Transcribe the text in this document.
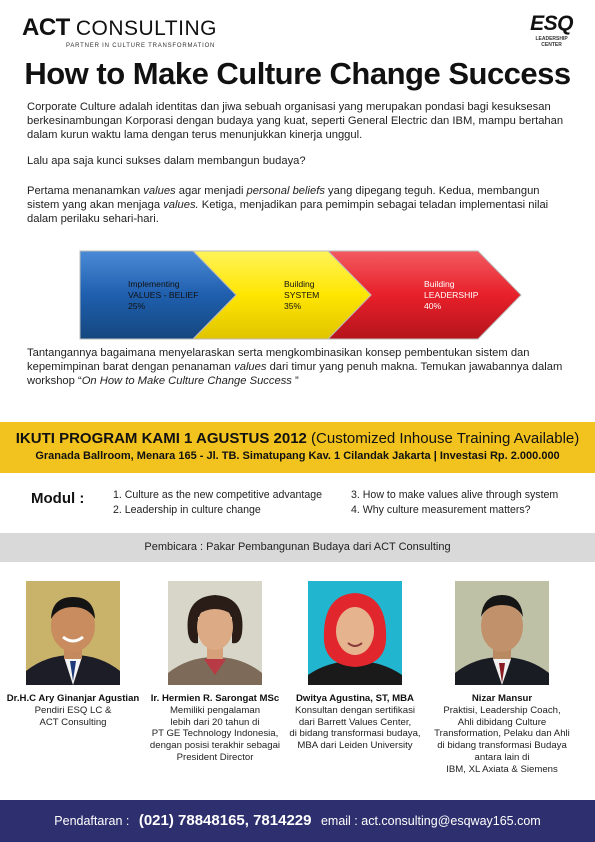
ACT CONSULTING
PARTNER IN CULTURE TRANSFORMATION
ESQ
LEADERSHIP
CENTER
How to Make Culture Change Success
Corporate Culture adalah identitas dan jiwa sebuah organisasi yang merupakan pondasi bagi kesuksesan berkesinambungan Korporasi dengan budaya yang kuat, seperti General Electric dan IBM, mampu bertahan dalam kurun waktu lama dengan terus menunjukkan kinerja unggul.
Lalu apa saja kunci sukses dalam membangun budaya?
Pertama menanamkan values agar menjadi personal beliefs yang dipegang teguh. Kedua, membangun sistem yang akan menjaga values. Ketiga, menjadikan para pemimpin sebagai teladan implementasi nilai dalam perilaku sehari-hari.
Implementing
VALUES - BELIEF
25%
Building
SYSTEM
35%
Building
LEADERSHIP
40%
Tantangannya bagaimana menyelaraskan serta mengkombinasikan konsep pembentukan sistem dan kepemimpinan barat dengan penanaman values dari timur yang penuh makna. Temukan jawabannya dalam workshop “On How to Make Culture Change Success ”
IKUTI PROGRAM KAMI 1 AGUSTUS 2012 (Customized Inhouse Training Available)
Granada Ballroom, Menara 165 - Jl. TB. Simatupang Kav. 1 Cilandak Jakarta | Investasi Rp. 2.000.000
Modul :	1. Culture as the new competitive advantage
2. Leadership in culture change
3. How to make values alive through system
4. Why culture measurement matters?
Pembicara : Pakar Pembangunan Budaya dari ACT Consulting
Dr.H.C Ary Ginanjar Agustian
Pendiri ESQ LC &
ACT Consulting
Ir. Hermien R. Sarongat MSc
Memiliki pengalaman
lebih dari 20 tahun di
PT GE Technology Indonesia,
dengan posisi terakhir sebagai
President Director
Dwitya Agustina, ST, MBA
Konsultan dengan sertifikasi
dari Barrett Values Center,
di bidang transformasi budaya,
MBA dari Leiden University
Nizar Mansur
Praktisi, Leadership Coach,
Ahli dibidang Culture
Transformation, Pelaku dan Ahli
di bidang transformasi Budaya
antara lain di
IBM, XL Axiata & Siemens
Pendaftaran : (021) 78848165, 7814229 email : act.consulting@esqway165.com
